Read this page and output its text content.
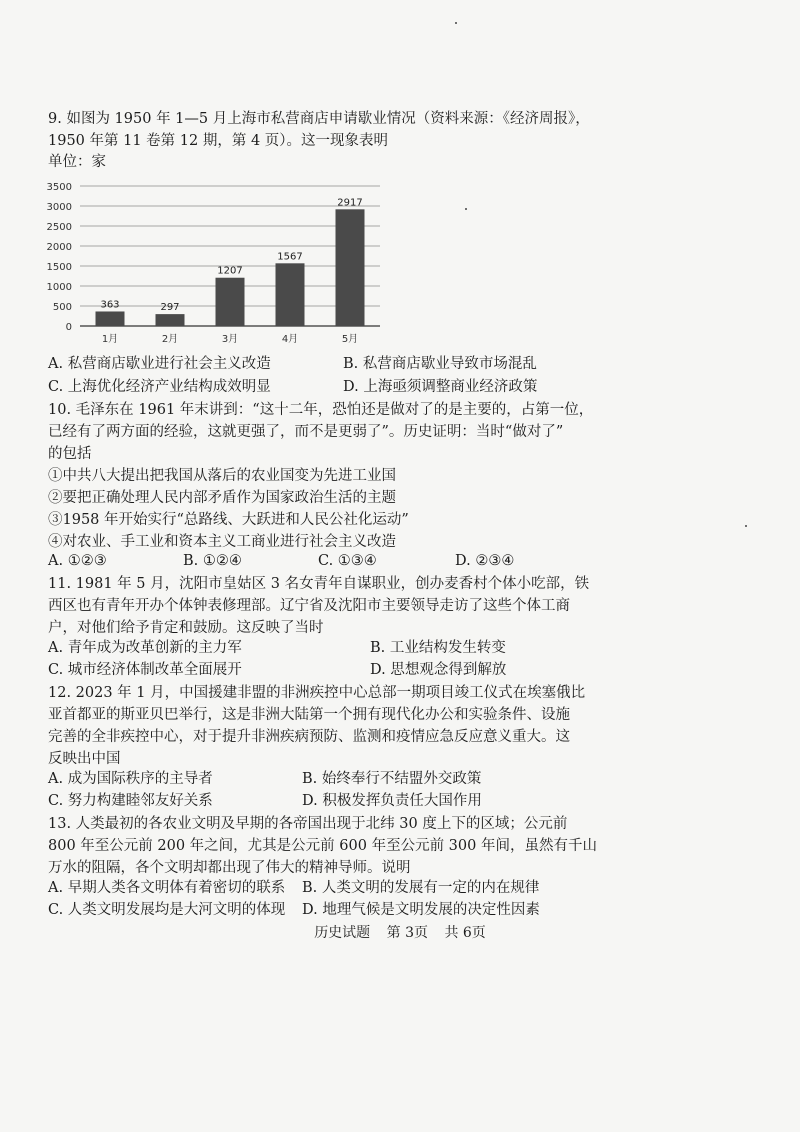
9. 如图为 1950 年 1—5 月上海市私营商店申请歇业情况（资料来源：《经济周报》，
1950 年第 11 卷第 12 期，第 4 页）。这一现象表明
单位：家
0
500
1000
1500
2000
2500
3000
3500
363
1月
297
2月
1207
3月
1567
4月
2917
5月
A. 私营商店歇业进行社会主义改造	B. 私营商店歇业导致市场混乱
C. 上海优化经济产业结构成效明显	D. 上海亟须调整商业经济政策
10. 毛泽东在 1961 年末讲到：“这十二年，恐怕还是做对了的是主要的，占第一位，
已经有了两方面的经验，这就更强了，而不是更弱了”。历史证明：当时“做对了”
的包括
①中共八大提出把我国从落后的农业国变为先进工业国
②要把正确处理人民内部矛盾作为国家政治生活的主题
③1958 年开始实行“总路线、大跃进和人民公社化运动”
④对农业、手工业和资本主义工商业进行社会主义改造
A. ①②③	B. ①②④	C. ①③④	D. ②③④
11. 1981 年 5 月，沈阳市皇姑区 3 名女青年自谋职业，创办麦香村个体小吃部，铁
西区也有青年开办个体钟表修理部。辽宁省及沈阳市主要领导走访了这些个体工商
户，对他们给予肯定和鼓励。这反映了当时
A. 青年成为改革创新的主力军	B. 工业结构发生转变
C. 城市经济体制改革全面展开	D. 思想观念得到解放
12. 2023 年 1 月，中国援建非盟的非洲疾控中心总部一期项目竣工仪式在埃塞俄比
亚首都亚的斯亚贝巴举行，这是非洲大陆第一个拥有现代化办公和实验条件、设施
完善的全非疾控中心，对于提升非洲疾病预防、监测和疫情应急反应意义重大。这
反映出中国
A. 成为国际秩序的主导者	B. 始终奉行不结盟外交政策
C. 努力构建睦邻友好关系	D. 积极发挥负责任大国作用
13. 人类最初的各农业文明及早期的各帝国出现于北纬 30 度上下的区域；公元前
800 年至公元前 200 年之间，尤其是公元前 600 年至公元前 300 年间，虽然有千山
万水的阻隔，各个文明却都出现了伟大的精神导师。说明
A. 早期人类各文明体有着密切的联系 B. 人类文明的发展有一定的内在规律
C. 人类文明发展均是大河文明的体现 D. 地理气候是文明发展的决定性因素
历史试题 第 3页 共 6页
